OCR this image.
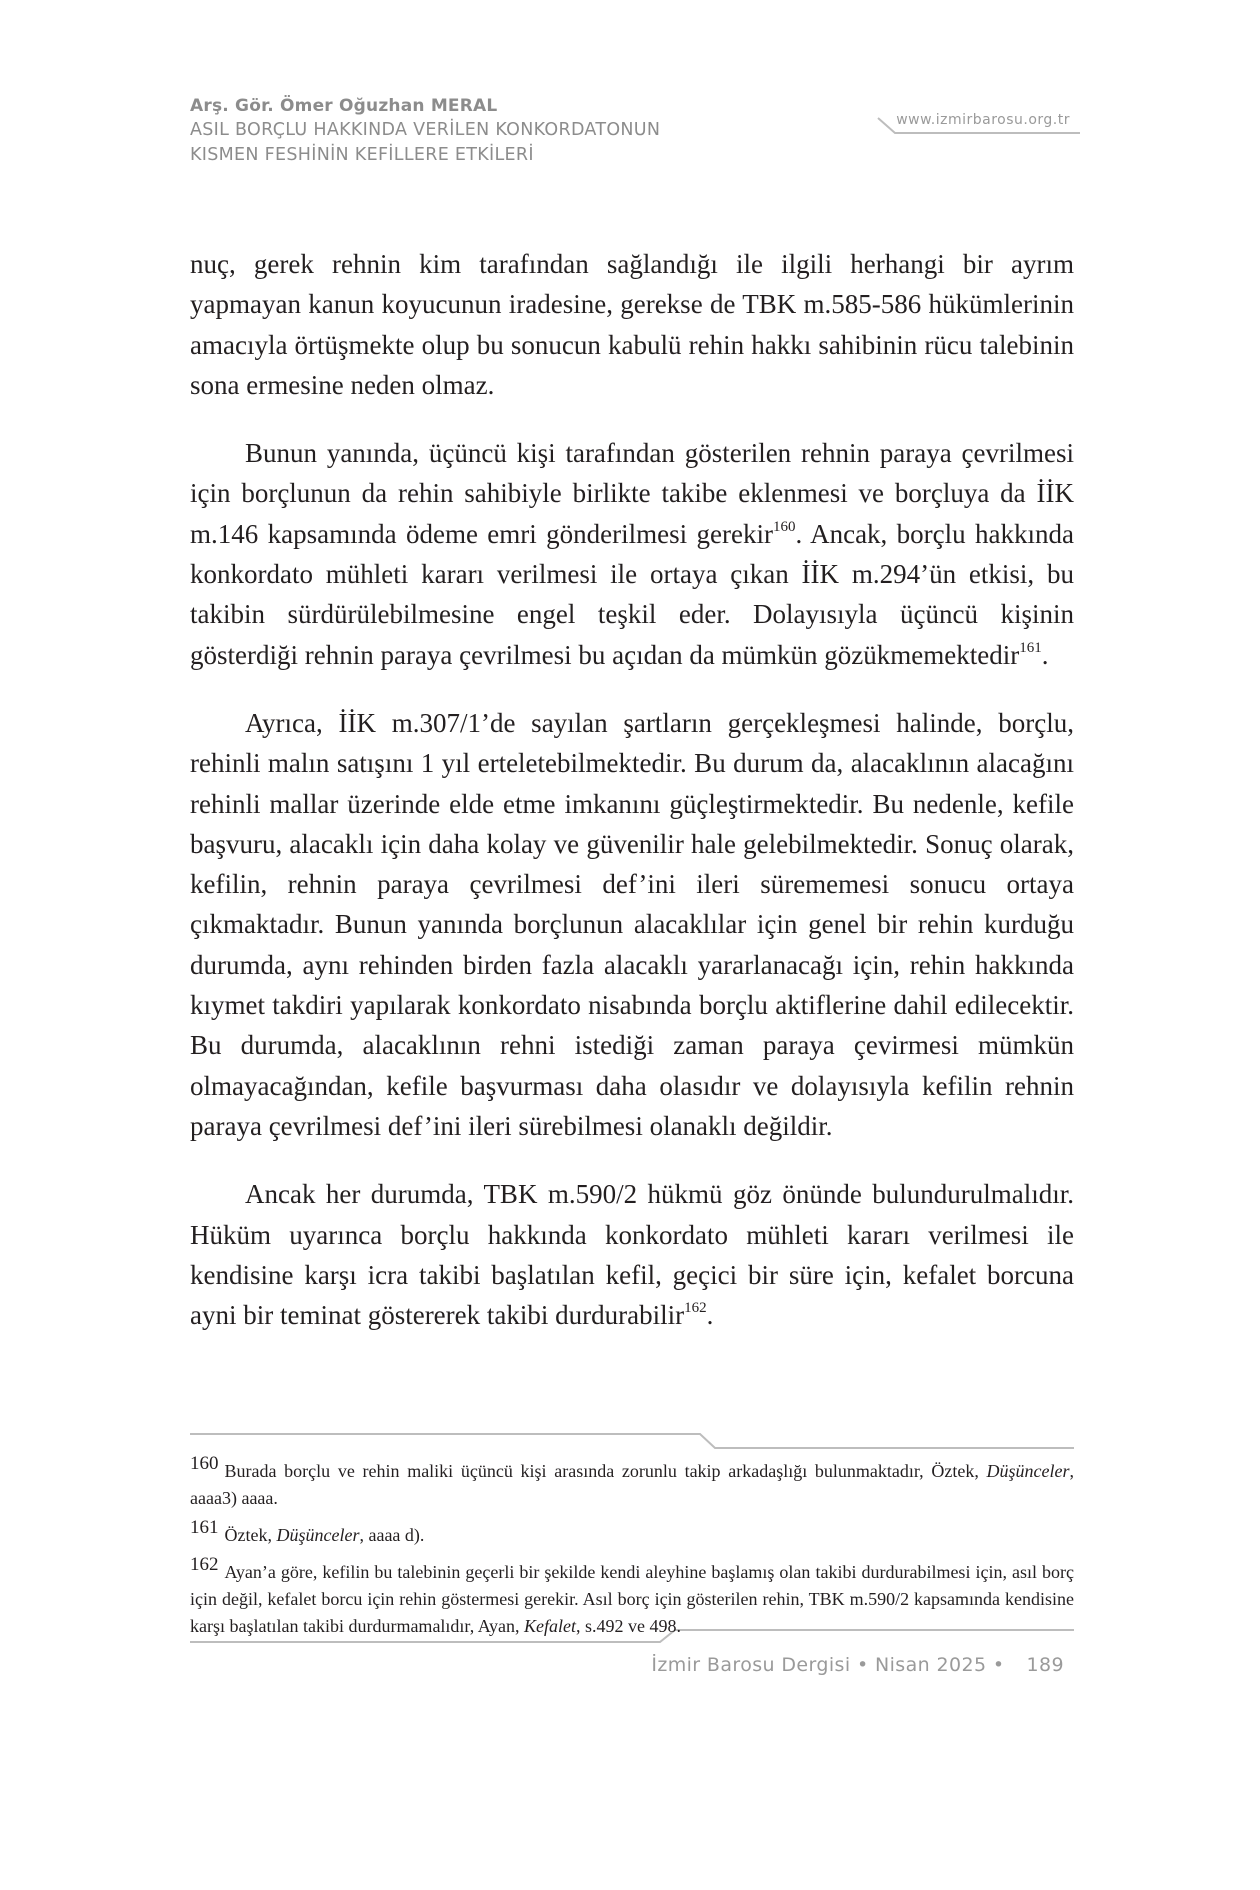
Arş. Gör. Ömer Oğuzhan MERAL
ASIL BORÇLU HAKKINDA VERİLEN KONKORDATONUN
KISMEN FESHİNİN KEFİLLERE ETKİLERİ
www.izmirbarosu.org.tr

nuç, gerek rehnin kim tarafından sağlandığı ile ilgili herhangi bir ayrım yapmayan kanun koyucunun iradesine, gerekse de TBK m.585-586 hükümlerinin amacıyla örtüşmekte olup bu sonucun kabulü rehin hakkı sahibinin rücu talebinin sona ermesine neden olmaz.

Bunun yanında, üçüncü kişi tarafından gösterilen rehnin paraya çevrilmesi için borçlunun da rehin sahibiyle birlikte takibe eklenmesi ve borçluya da İİK m.146 kapsamında ödeme emri gönderilmesi gerekir$^{160}$. Ancak, borçlu hakkında konkordato mühleti kararı verilmesi ile ortaya çıkan İİK m.294’ün etkisi, bu takibin sürdürülebilmesine engel teşkil eder. Dolayısıyla üçüncü kişinin gösterdiği rehnin paraya çevrilmesi bu açıdan da mümkün gözükmemektedir$^{161}$.

Ayrıca, İİK m.307/1’de sayılan şartların gerçekleşmesi halinde, borçlu, rehinli malın satışını 1 yıl erteletebilmektedir. Bu durum da, alacaklının alacağını rehinli mallar üzerinde elde etme imkanını güçleştirmektedir. Bu nedenle, kefile başvuru, alacaklı için daha kolay ve güvenilir hale gelebilmektedir. Sonuç olarak, kefilin, rehnin paraya çevrilmesi def’ini ileri sürememesi sonucu ortaya çıkmaktadır. Bunun yanında borçlunun alacaklılar için genel bir rehin kurduğu durumda, aynı rehinden birden fazla alacaklı yararlanacağı için, rehin hakkında kıymet takdiri yapılarak konkordato nisabında borçlu aktiflerine dahil edilecektir. Bu durumda, alacaklının rehni istediği zaman paraya çevirmesi mümkün olmayacağından, kefile başvurması daha olasıdır ve dolayısıyla kefilin rehnin paraya çevrilmesi def’ini ileri sürebilmesi olanaklı değildir.

Ancak her durumda, TBK m.590/2 hükmü göz önünde bulundurulmalıdır. Hüküm uyarınca borçlu hakkında konkordato mühleti kararı verilmesi ile kendisine karşı icra takibi başlatılan kefil, geçici bir süre için, kefalet borcuna ayni bir teminat göstererek takibi durdurabilir$^{162}$.

160 Burada borçlu ve rehin maliki üçüncü kişi arasında zorunlu takip arkadaşlığı bulunmaktadır, Öztek, Düşünceler, aaaa3) aaaa.
161 Öztek, Düşünceler, aaaa d).
162 Ayan’a göre, kefilin bu talebinin geçerli bir şekilde kendi aleyhine başlamış olan takibi durdurabilmesi için, asıl borç için değil, kefalet borcu için rehin göstermesi gerekir. Asıl borç için gösterilen rehin, TBK m.590/2 kapsamında kendisine karşı başlatılan takibi durdurmamalıdır, Ayan, Kefalet, s.492 ve 498.
İzmir Barosu Dergisi • Nisan 2025 • 189
